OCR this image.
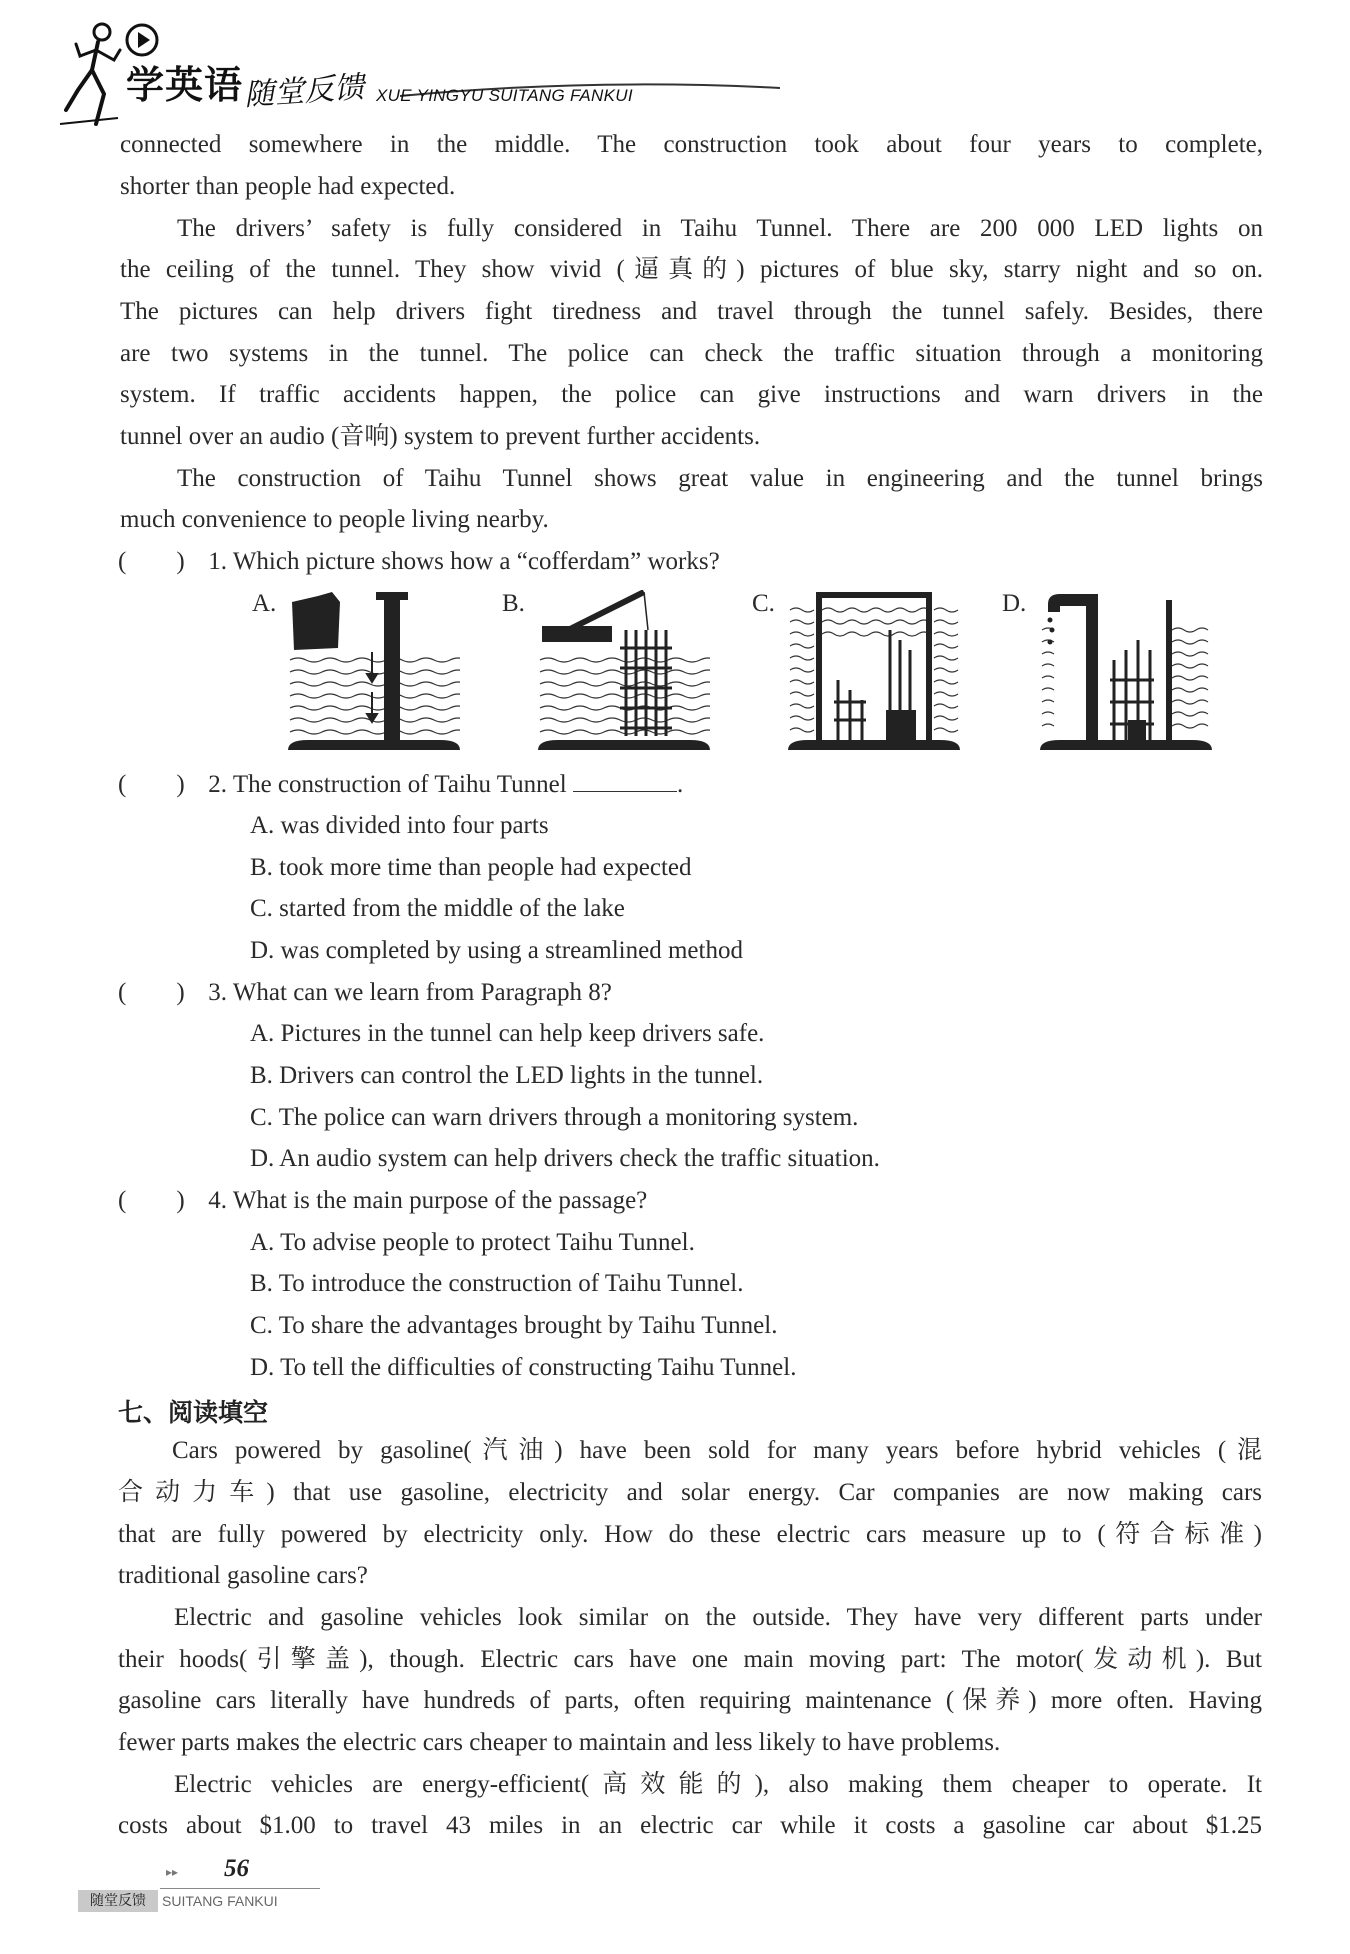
学英语 随堂反馈 XUE YINGYU SUITANG FANKUI
connected somewhere in the middle. The construction took about four years to complete,
shorter than people had expected.
The drivers’ safety is fully considered in Taihu Tunnel. There are 200 000 LED lights on
the ceiling of the tunnel. They show vivid (逼真的) pictures of blue sky, starry night and so on.
The pictures can help drivers fight tiredness and travel through the tunnel safely. Besides, there
are two systems in the tunnel. The police can check the traffic situation through a monitoring
system. If traffic accidents happen, the police can give instructions and warn drivers in the
tunnel over an audio (音响) system to prevent further accidents.
The construction of Taihu Tunnel shows great value in engineering and the tunnel brings
much convenience to people living nearby.
( ) 1. Which picture shows how a “cofferdam” works?
A.	B.	C.	D.
( ) 2. The construction of Taihu Tunnel	.
A. was divided into four parts
B. took more time than people had expected
C. started from the middle of the lake
D. was completed by using a streamlined method
( ) 3. What can we learn from Paragraph 8?
A. Pictures in the tunnel can help keep drivers safe.
B. Drivers can control the LED lights in the tunnel.
C. The police can warn drivers through a monitoring system.
D. An audio system can help drivers check the traffic situation.
( ) 4. What is the main purpose of the passage?
A. To advise people to protect Taihu Tunnel.
B. To introduce the construction of Taihu Tunnel.
C. To share the advantages brought by Taihu Tunnel.
D. To tell the difficulties of constructing Taihu Tunnel.
七、阅读填空
Cars powered by gasoline(汽油) have been sold for many years before hybrid vehicles (混
合动力车) that use gasoline, electricity and solar energy. Car companies are now making cars
that are fully powered by electricity only. How do these electric cars measure up to (符合标准)
traditional gasoline cars?
Electric and gasoline vehicles look similar on the outside. They have very different parts under
their hoods(引擎盖), though. Electric cars have one main moving part: The motor(发动机). But
gasoline cars literally have hundreds of parts, often requiring maintenance (保养) more often. Having
fewer parts makes the electric cars cheaper to maintain and less likely to have problems.
Electric vehicles are energy-efficient(高效能的), also making them cheaper to operate. It
costs about $1.00 to travel 43 miles in an electric car while it costs a gasoline car about $1.25
▸▸ 56
随堂反馈	SUITANG FANKUI
